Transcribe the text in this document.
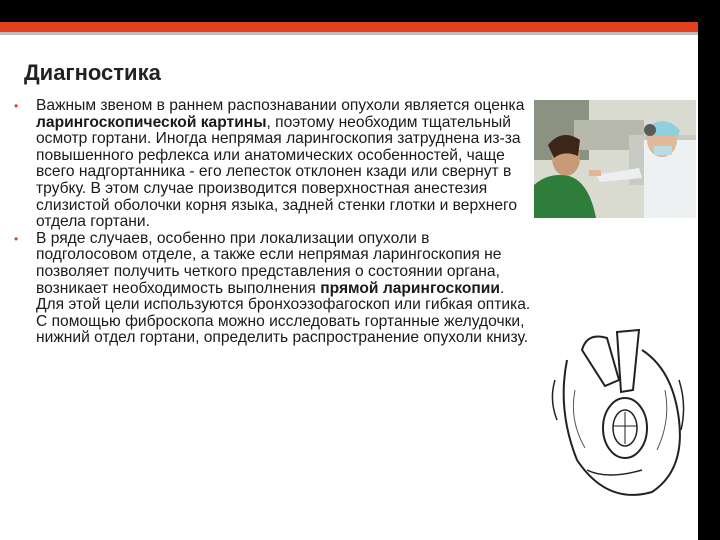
Диагностика
• Важным звеном в раннем распознавании опухоли является оценка ларингоскопической картины, поэтому необходим тщательный осмотр гортани. Иногда непрямая ларингоскопия затруднена из-за повышенного рефлекса или анатомических особенностей, чаще всего надгортанника - его лепесток отклонен кзади или свернут в трубку. В этом случае производится поверхностная анестезия слизистой оболочки корня языка, задней стенки глотки и верхнего отдела гортани.
• В ряде случаев, особенно при локализации опухоли в подголосовом отделе, а также если непрямая ларингоскопия не позволяет получить четкого представления о состоянии органа, возникает необходимость выполнения прямой ларингоскопии. Для этой цели используются бронхоэзофагоскоп или гибкая оптика. С помощью фиброскопа можно исследовать гортанные желудочки, нижний отдел гортани, определить распространение опухоли книзу.
